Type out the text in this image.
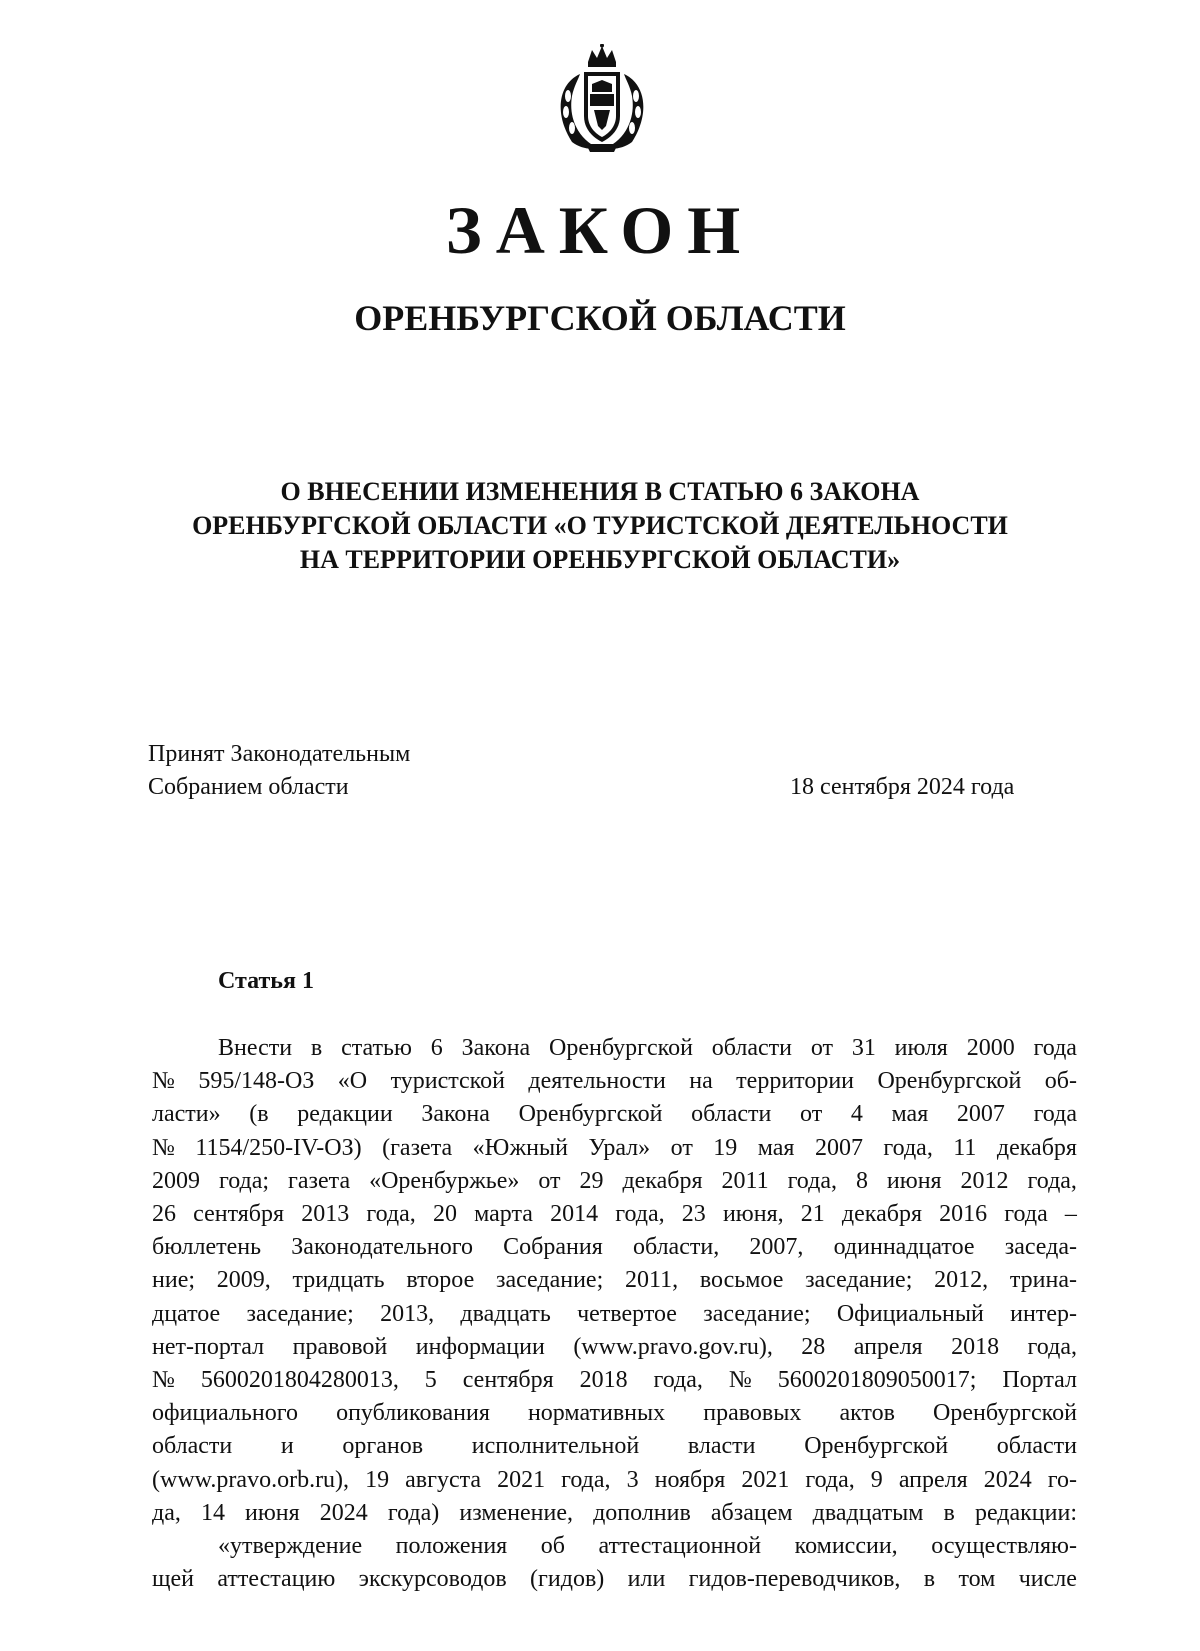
ЗАКОН
ОРЕНБУРГСКОЙ ОБЛАСТИ
О ВНЕСЕНИИ ИЗМЕНЕНИЯ В СТАТЬЮ 6 ЗАКОНА
ОРЕНБУРГСКОЙ ОБЛАСТИ «О ТУРИСТСКОЙ ДЕЯТЕЛЬНОСТИ
НА ТЕРРИТОРИИ ОРЕНБУРГСКОЙ ОБЛАСТИ»
Принят Законодательным
Собранием области	18 сентября 2024 года
Статья 1
Внести в статью 6 Закона Оренбургской области от 31 июля 2000 года
№ 595/148-ОЗ «О туристской деятельности на территории Оренбургской об-
ласти» (в редакции Закона Оренбургской области от 4 мая 2007 года
№ 1154/250-IV-ОЗ) (газета «Южный Урал» от 19 мая 2007 года, 11 декабря
2009 года; газета «Оренбуржье» от 29 декабря 2011 года, 8 июня 2012 года,
26 сентября 2013 года, 20 марта 2014 года, 23 июня, 21 декабря 2016 года –
бюллетень Законодательного Собрания области, 2007, одиннадцатое заседа-
ние; 2009, тридцать второе заседание; 2011, восьмое заседание; 2012, трина-
дцатое заседание; 2013, двадцать четвертое заседание; Официальный интер-
нет-портал правовой информации (www.pravo.gov.ru), 28 апреля 2018 года,
№ 5600201804280013, 5 сентября 2018 года, № 5600201809050017; Портал
официального опубликования нормативных правовых актов Оренбургской
области и органов исполнительной власти Оренбургской области
(www.pravo.orb.ru), 19 августа 2021 года, 3 ноября 2021 года, 9 апреля 2024 го-
да, 14 июня 2024 года) изменение, дополнив абзацем двадцатым в редакции:
«утверждение положения об аттестационной комиссии, осуществляю-
щей аттестацию экскурсоводов (гидов) или гидов-переводчиков, в том числе
